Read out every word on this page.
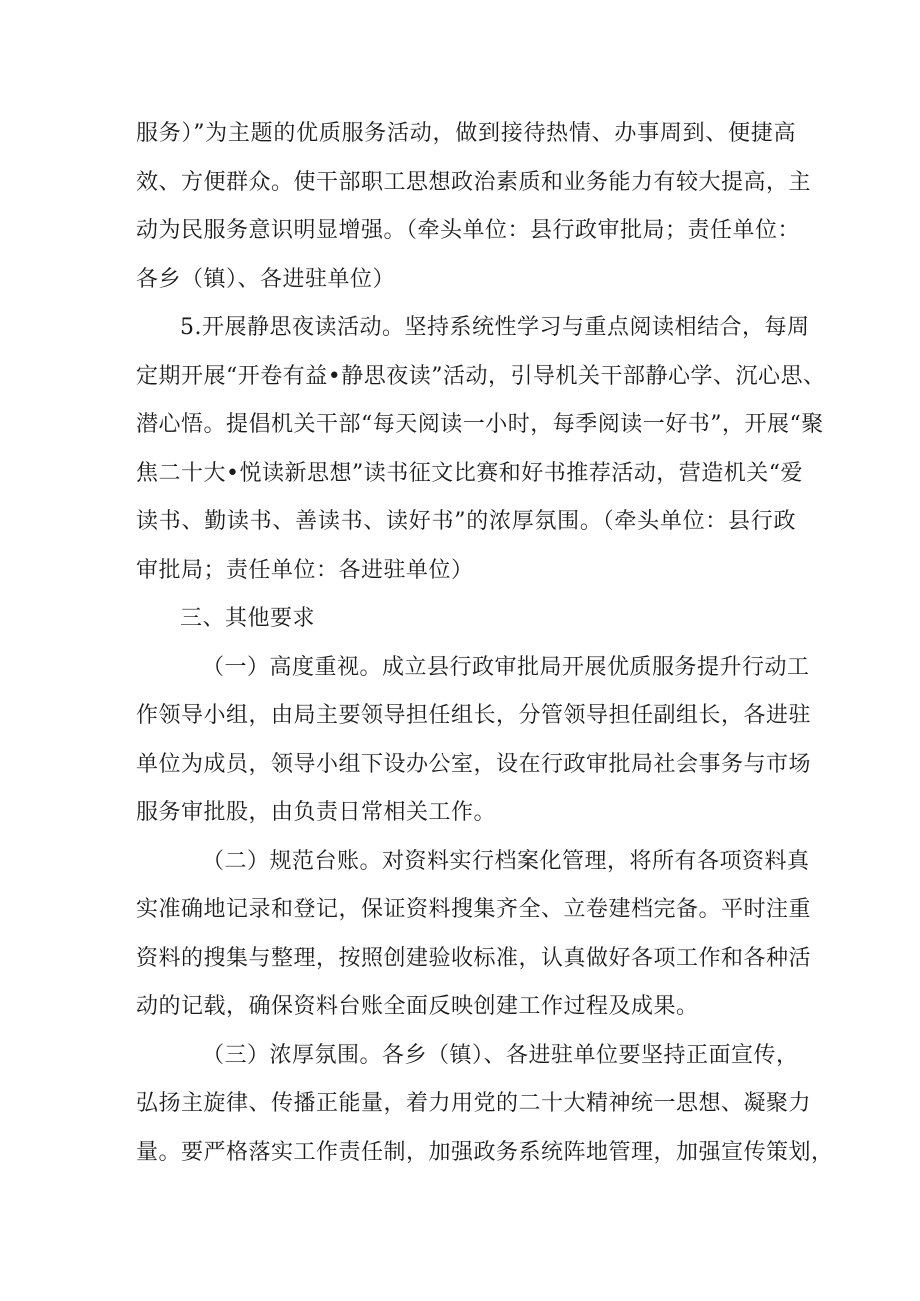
服务）”为主题的优质服务活动，做到接待热情、办事周到、便捷高
效、方便群众。使干部职工思想政治素质和业务能力有较大提高，主
动为民服务意识明显增强。（牵头单位：县行政审批局；责任单位：
各乡（镇）、各进驻单位）
5.开展静思夜读活动。坚持系统性学习与重点阅读相结合，每周
定期开展“开卷有益•静思夜读”活动，引导机关干部静心学、沉心思、
潜心悟。提倡机关干部“每天阅读一小时，每季阅读一好书”，开展“聚
焦二十大•悦读新思想”读书征文比赛和好书推荐活动，营造机关“爱
读书、勤读书、善读书、读好书”的浓厚氛围。（牵头单位：县行政
审批局；责任单位：各进驻单位）
三、其他要求
（一）高度重视。成立县行政审批局开展优质服务提升行动工
作领导小组，由局主要领导担任组长，分管领导担任副组长，各进驻
单位为成员，领导小组下设办公室，设在行政审批局社会事务与市场
服务审批股，由负责日常相关工作。
（二）规范台账。对资料实行档案化管理，将所有各项资料真
实准确地记录和登记，保证资料搜集齐全、立卷建档完备。平时注重
资料的搜集与整理，按照创建验收标准，认真做好各项工作和各种活
动的记载，确保资料台账全面反映创建工作过程及成果。
（三）浓厚氛围。各乡（镇）、各进驻单位要坚持正面宣传，
弘扬主旋律、传播正能量，着力用党的二十大精神统一思想、凝聚力
量。要严格落实工作责任制，加强政务系统阵地管理，加强宣传策划，
